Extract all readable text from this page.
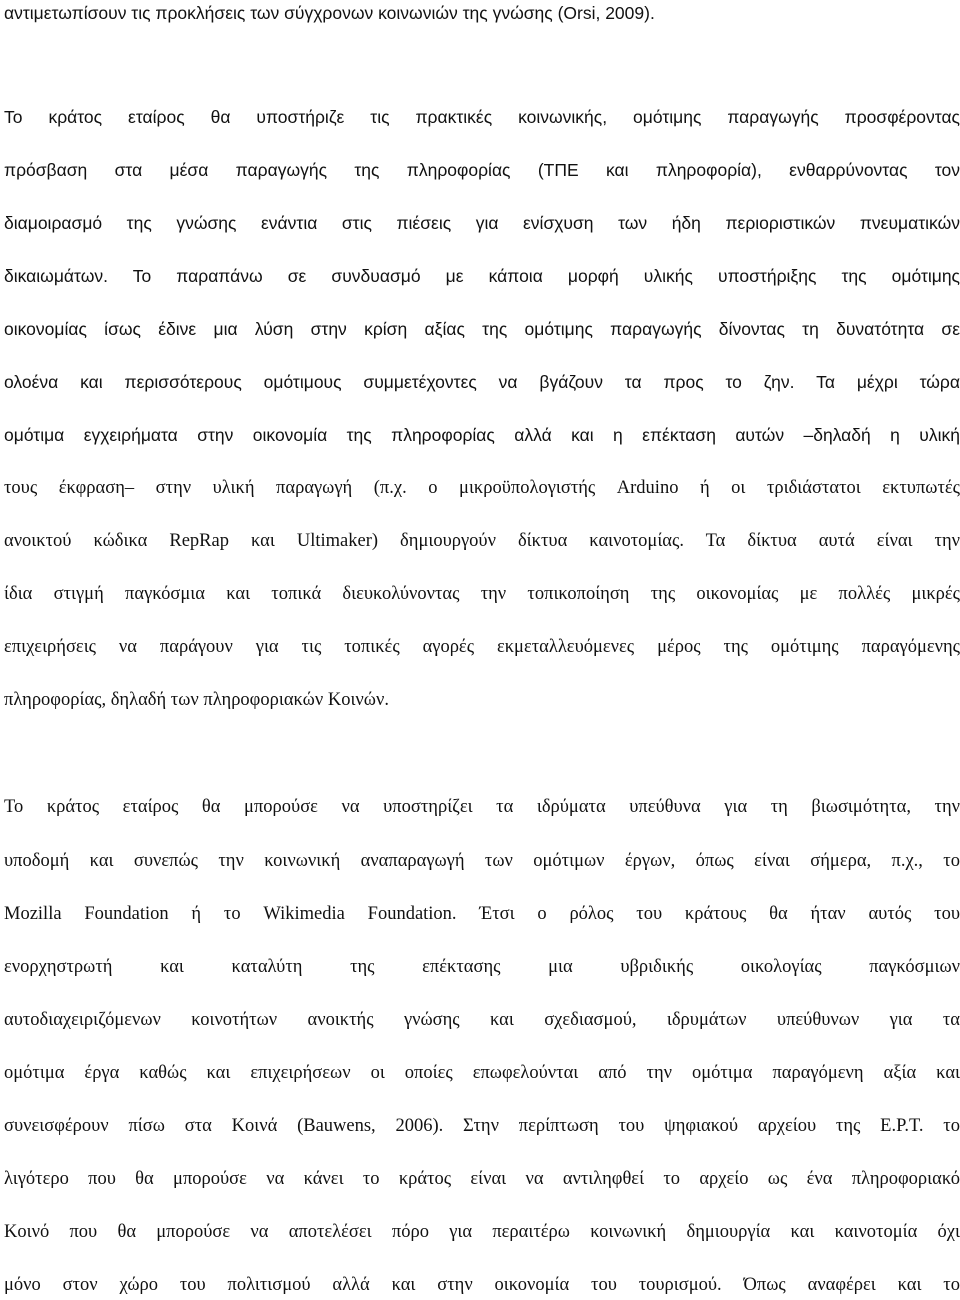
αντιμετωπίσουν τις προκλήσεις των σύγχρονων κοινωνιών της γνώσης (Orsi, 2009).
Το κράτος εταίρος θα υποστήριζε τις πρακτικές κοινωνικής, ομότιμης παραγωγής προσφέροντας
πρόσβαση στα μέσα παραγωγής της πληροφορίας (ΤΠΕ και πληροφορία), ενθαρρύνοντας τον
διαμοιρασμό της γνώσης ενάντια στις πιέσεις για ενίσχυση των ήδη περιοριστικών πνευματικών
δικαιωμάτων. Το παραπάνω σε συνδυασμό με κάποια μορφή υλικής υποστήριξης της ομότιμης
οικονομίας ίσως έδινε μια λύση στην κρίση αξίας της ομότιμης παραγωγής δίνοντας τη δυνατότητα σε
ολοένα και περισσότερους ομότιμους συμμετέχοντες να βγάζουν τα προς το ζην. Τα μέχρι τώρα
ομότιμα εγχειρήματα στην οικονομία της πληροφορίας αλλά και η επέκταση αυτών –δηλαδή η υλική
τους έκφραση– στην υλική παραγωγή (π.χ. ο μικροϋπολογιστής Arduino ή οι τριδιάστατοι εκτυπωτές
ανοικτού κώδικα RepRap και Ultimaker) δημιουργούν δίκτυα καινοτομίας. Τα δίκτυα αυτά είναι την
ίδια στιγμή παγκόσμια και τοπικά διευκολύνοντας την τοπικοποίηση της οικονομίας με πολλές μικρές
επιχειρήσεις να παράγουν για τις τοπικές αγορές εκμεταλλευόμενες μέρος της ομότιμης παραγόμενης
πληροφορίας, δηλαδή των πληροφοριακών Κοινών.
Το κράτος εταίρος θα μπορούσε να υποστηρίζει τα ιδρύματα υπεύθυνα για τη βιωσιμότητα, την
υποδομή και συνεπώς την κοινωνική αναπαραγωγή των ομότιμων έργων, όπως είναι σήμερα, π.χ., το
Mozilla Foundation ή το Wikimedia Foundation. Έτσι ο ρόλος του κράτους θα ήταν αυτός του
ενορχηστρωτή και καταλύτη της επέκτασης μια υβριδικής οικολογίας παγκόσμιων
αυτοδιαχειριζόμενων κοινοτήτων ανοικτής γνώσης και σχεδιασμού, ιδρυμάτων υπεύθυνων για τα
ομότιμα έργα καθώς και επιχειρήσεων οι οποίες επωφελούνται από την ομότιμα παραγόμενη αξία και
συνεισφέρουν πίσω στα Κοινά (Bauwens, 2006). Στην περίπτωση του ψηφιακού αρχείου της Ε.Ρ.Τ. το
λιγότερο που θα μπορούσε να κάνει το κράτος είναι να αντιληφθεί το αρχείο ως ένα πληροφοριακό
Κοινό που θα μπορούσε να αποτελέσει πόρο για περαιτέρω κοινωνική δημιουργία και καινοτομία όχι
μόνο στον χώρο του πολιτισμού αλλά και στην οικονομία του τουρισμού. Όπως αναφέρει και το
